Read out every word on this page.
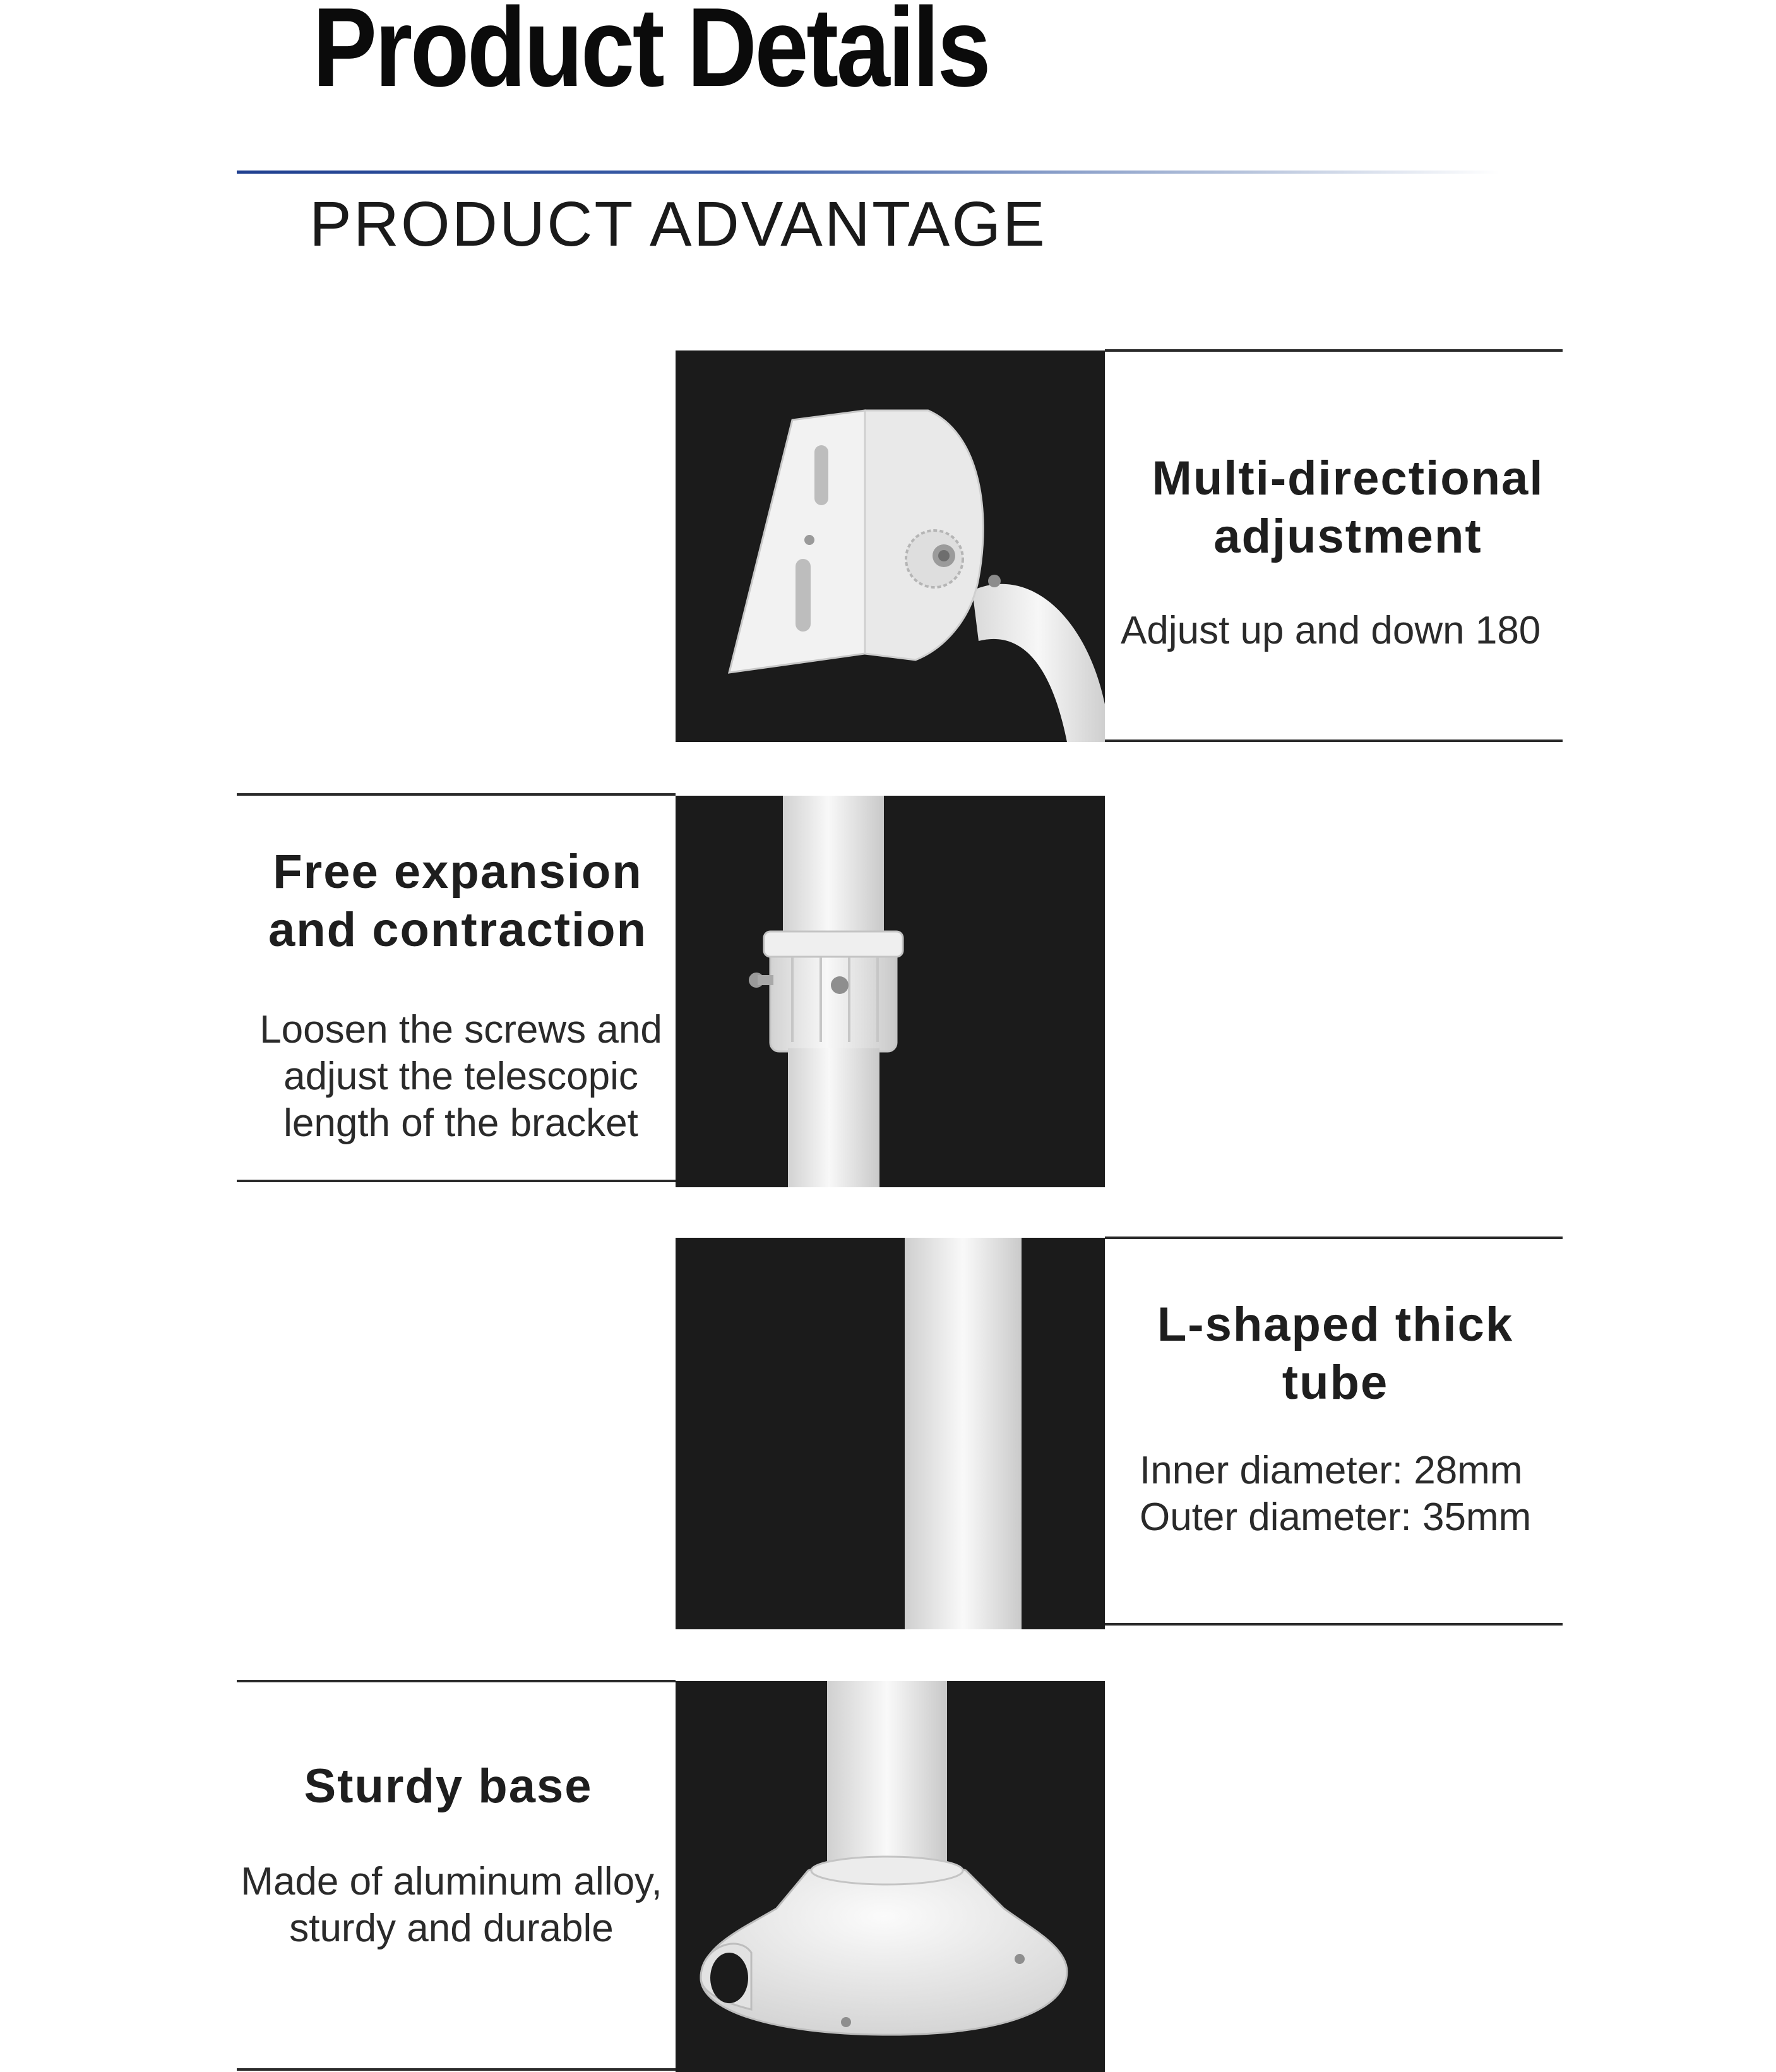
Product Details
PRODUCT ADVANTAGE
Multi-directional
adjustment
Adjust up and down 180
Free expansion
and contraction
Loosen the screws and
adjust the telescopic
length of the bracket
L-shaped thick
tube
Inner diameter: 28mm
Outer diameter: 35mm
Sturdy base
Made of aluminum alloy,
sturdy and durable
